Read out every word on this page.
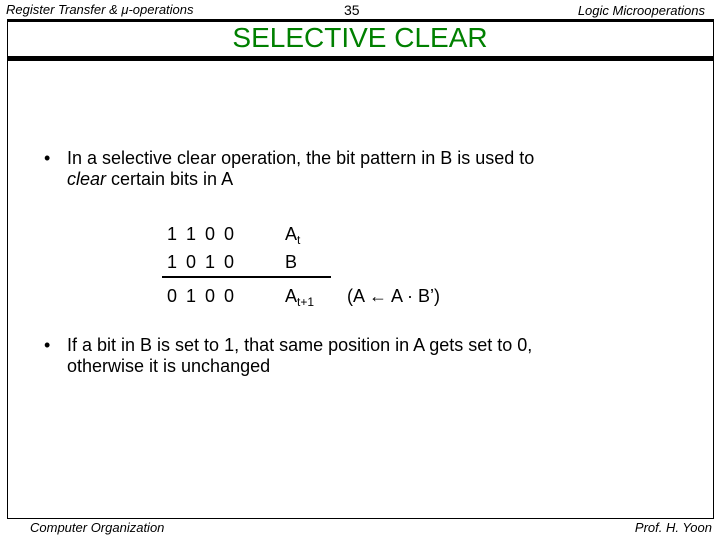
Register Transfer & μ-operations	35	Logic Microoperations
SELECTIVE CLEAR
• In a selective clear operation, the bit pattern in B is used to
clear certain bits in A
1 1 0 0	$A_t$
1 0 1 0	B
0 1 0 0	$A_{t+1}$ (A ← A · B’)
• If a bit in B is set to 1, that same position in A gets set to 0,
otherwise it is unchanged
Computer Organization	Prof. H. Yoon
